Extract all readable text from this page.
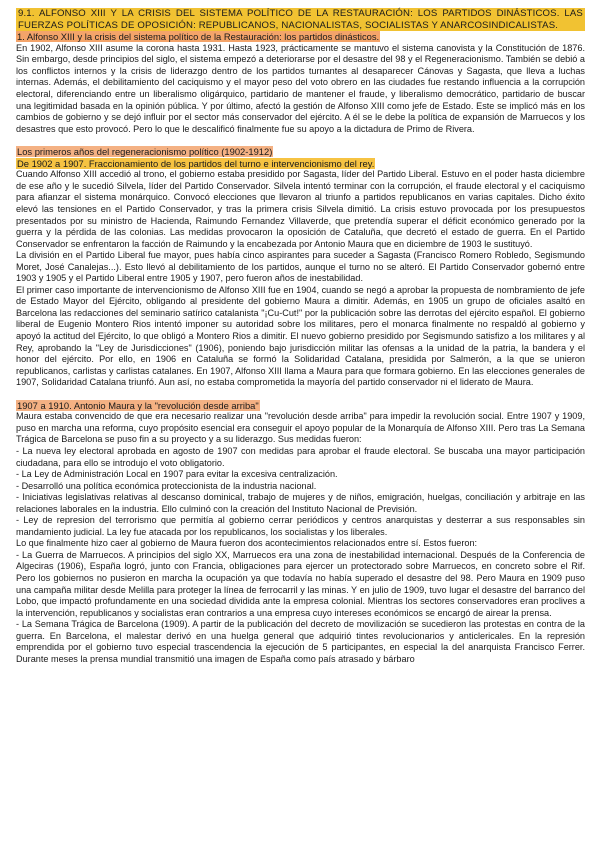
9.1. ALFONSO XIII Y LA CRISIS DEL SISTEMA POLÍTICO DE LA RESTAURACIÓN: LOS PARTIDOS DINÁSTICOS. LAS FUERZAS POLÍTICAS DE OPOSICIÓN: REPUBLICANOS, NACIONALISTAS, SOCIALISTAS Y ANARCOSINDICALISTAS.
1. Alfonso XIII y la crisis del sistema político de la Restauración: los partidos dinásticos.

En 1902, Alfonso XIII asume la corona hasta 1931. Hasta 1923, prácticamente se mantuvo el sistema canovista y la Constitución de 1876. Sin embargo, desde principios del siglo, el sistema empezó a deteriorarse por el desastre del 98 y el Regeneracionismo. También se debió a los conflictos internos y la crisis de liderazgo dentro de los partidos turnantes al desaparecer Cánovas y Sagasta, que lleva a luchas internas. Además, el debilitamiento del caciquismo y el mayor peso del voto obrero en las ciudades fue restando influencia a la corrupción electoral, diferenciando entre un liberalismo oligárquico, partidario de mantener el fraude, y liberalismo democrático, partidario de buscar una legitimidad basada en la opinión pública. Y por último, afectó la gestión de Alfonso XIII como jefe de Estado. Este se implicó más en los cambios de gobierno y se dejó influir por el sector más conservador del ejército. A él se le debe la política de expansión de Marruecos y los desastres que esto provocó. Pero lo que le descalificó finalmente fue su apoyo a la dictadura de Primo de Rivera.

Los primeros años del regeneracionismo político (1902-1912)
De 1902 a 1907. Fraccionamiento de los partidos del turno e intervencionismo del rey.

Cuando Alfonso XIII accedió al trono, el gobierno estaba presidido por Sagasta, líder del Partido Liberal. Estuvo en el poder hasta diciembre de ese año y le sucedió Silvela, líder del Partido Conservador. Silvela intentó terminar con la corrupción, el fraude electoral y el caciquismo para afianzar el sistema monárquico. Convocó elecciones que llevaron al triunfo a partidos republicanos en varias capitales. Dicho éxito elevó las tensiones en el Partido Conservador, y tras la primera crisis Silvela dimitió. La crisis estuvo provocada por los presupuestos presentados por su ministro de Hacienda, Raimundo Fernandez Villaverde, que pretendía superar el déficit económico generado por la guerra y la pérdida de las colonias. Las medidas provocaron la oposición de Cataluña, que decretó el estado de guerra. En el Partido Conservador se enfrentaron la facción de Raimundo y la encabezada por Antonio Maura que en diciembre de 1903 le sustituyó.

La división en el Partido Liberal fue mayor, pues había cinco aspirantes para suceder a Sagasta (Francisco Romero Robledo, Segismundo Moret, José Canalejas...). Esto llevó al debilitamiento de los partidos, aunque el turno no se alteró. El Partido Conservador gobernó entre 1903 y 1905 y el Partido Liberal entre 1905 y 1907, pero fueron años de inestabilidad.

El primer caso importante de intervencionismo de Alfonso XIII fue en 1904, cuando se negó a aprobar la propuesta de nombramiento de jefe de Estado Mayor del Ejército, obligando al presidente del gobierno Maura a dimitir. Además, en 1905 un grupo de oficiales asaltó en Barcelona las redacciones del seminario satírico catalanista "¡Cu-Cut!" por la publicación sobre las derrotas del ejército español. El gobierno liberal de Eugenio Montero Rios intentó imponer su autoridad sobre los militares, pero el monarca finalmente no respaldó al gobierno y apoyó la actitud del Ejército, lo que obligó a Montero Rios a dimitir. El nuevo gobierno presidido por Segismundo satisfizo a los militares y al Rey, aprobando la "Ley de Jurisdicciones" (1906), poniendo bajo jurisdicción militar las ofensas a la unidad de la patria, la bandera y el honor del ejército. Por ello, en 1906 en Cataluña se formó la Solidaridad Catalana, presidida por Salmerón, a la que se unieron republicanos, carlistas y carlistas catalanes. En 1907, Alfonso XIII llama a Maura para que formara gobierno. En las elecciones generales de 1907, Solidaridad Catalana triunfó. Aun así, no estaba comprometida la mayoría del partido conservador ni el liderato de Maura.

1907 a 1910. Antonio Maura y la "revolución desde arriba"

Maura estaba convencido de que era necesario realizar una "revolución desde arriba" para impedir la revolución social. Entre 1907 y 1909, puso en marcha una reforma, cuyo propósito esencial era conseguir el apoyo popular de la Monarquía de Alfonso XIII. Pero tras La Semana Trágica de Barcelona se puso fin a su proyecto y a su liderazgo. Sus medidas fueron:

- La nueva ley electoral aprobada en agosto de 1907 con medidas para aprobar el fraude electoral. Se buscaba una mayor participación ciudadana, para ello se introdujo el voto obligatorio.

- La Ley de Administración Local en 1907 para evitar la excesiva centralización.

- Desarrolló una política económica proteccionista de la industria nacional.

- Iniciativas legislativas relativas al descanso dominical, trabajo de mujeres y de niños, emigración, huelgas, conciliación y arbitraje en las relaciones laborales en la industria. Ello culminó con la creación del Instituto Nacional de Previsión.

- Ley de represion del terrorismo que permitía al gobierno cerrar periódicos y centros anarquistas y desterrar a sus responsables sin mandamiento judicial. La ley fue atacada por los republicanos, los socialistas y los liberales.

Lo que finalmente hizo caer al gobierno de Maura fueron dos acontecimientos relacionados entre sí. Estos fueron:

- La Guerra de Marruecos. A principios del siglo XX, Marruecos era una zona de inestabilidad internacional. Después de la Conferencia de Algeciras (1906), España logró, junto con Francia, obligaciones para ejercer un protectorado sobre Marruecos, en concreto sobre el Rif. Pero los gobiernos no pusieron en marcha la ocupación ya que todavía no había superado el desastre del 98. Pero Maura en 1909 puso una campaña militar desde Melilla para proteger la línea de ferrocarril y las minas. Y en julio de 1909, tuvo lugar el desastre del barranco del Lobo, que impactó profundamente en una sociedad dividida ante la empresa colonial. Mientras los sectores conservadores eran proclives a la intervención, republicanos y socialistas eran contrarios a una empresa cuyo intereses económicos se encargó de airear la prensa.

- La Semana Trágica de Barcelona (1909). A partir de la publicación del decreto de movilización se sucedieron las protestas en contra de la guerra. En Barcelona, el malestar derivó en una huelga general que adquirió tintes revolucionarios y anticlericales. En la represión emprendida por el gobierno tuvo especial trascendencia la ejecución de 5 participantes, en especial la del anarquista Francisco Ferrer. Durante meses la prensa mundial transmitió una imagen de España como país atrasado y bárbaro
